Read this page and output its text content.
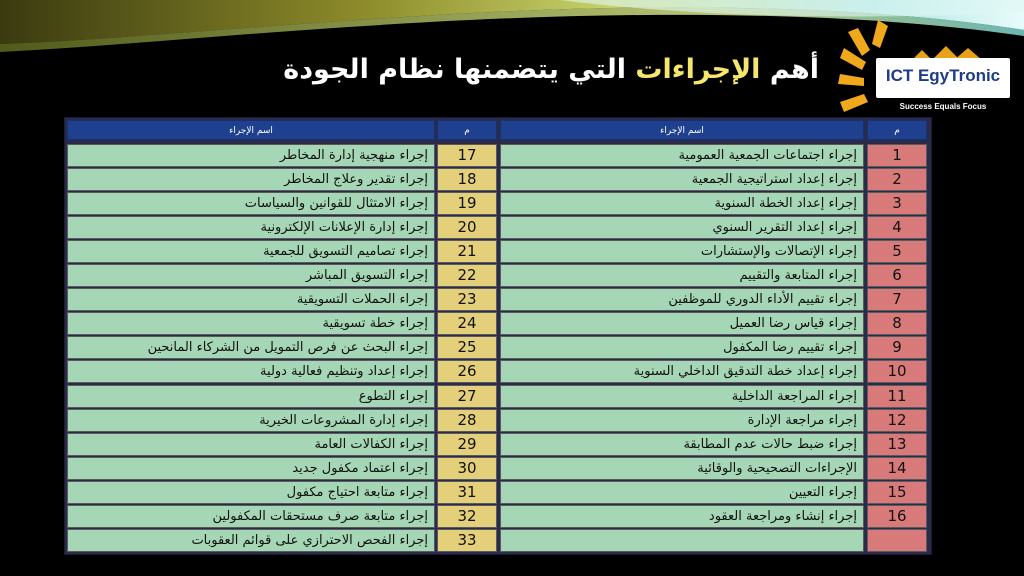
أهم الإجراءات التي يتضمنها نظام الجودة	ICT EgyTronic
Success Equals Focus
م
اسم الإجراء
م
اسم الإجراء
1
إجراء اجتماعات الجمعية العمومية
17
إجراء منهجية إدارة المخاطر
2
إجراء إعداد استراتيجية الجمعية
18
إجراء تقدير وعلاج المخاطر
3
إجراء إعداد الخطة السنوية
19
إجراء الامتثال للقوانين والسياسات
4
إجراء إعداد التقرير السنوي
20
إجراء إدارة الإعلانات الإلكترونية
5
إجراء الإتصالات والإستشارات
21
إجراء تصاميم التسويق للجمعية
6
إجراء المتابعة والتقييم
22
إجراء التسويق المباشر
7
إجراء تقييم الأداء الدوري للموظفين
23
إجراء الحملات التسويقية
8
إجراء قياس رضا العميل
24
إجراء خطة تسويقية
9
إجراء تقييم رضا المكفول
25
إجراء البحث عن فرص التمويل من الشركاء المانحين
10
إجراء إعداد خطة التدقيق الداخلي السنوية
26
إجراء إعداد وتنظيم فعالية دولية
11
إجراء المراجعة الداخلية
27
إجراء التطوع
12
إجراء مراجعة الإدارة
28
إجراء إدارة المشروعات الخيرية
13
إجراء ضبط حالات عدم المطابقة
29
إجراء الكفالات العامة
14
الإجراءات التصحيحية والوقائية
30
إجراء اعتماد مكفول جديد
15
إجراء التعيين
31
إجراء متابعة احتياج مكفول
16
إجراء إنشاء ومراجعة العقود
32
إجراء متابعة صرف مستحقات المكفولين
33
إجراء الفحص الاحترازي على قوائم العقوبات
